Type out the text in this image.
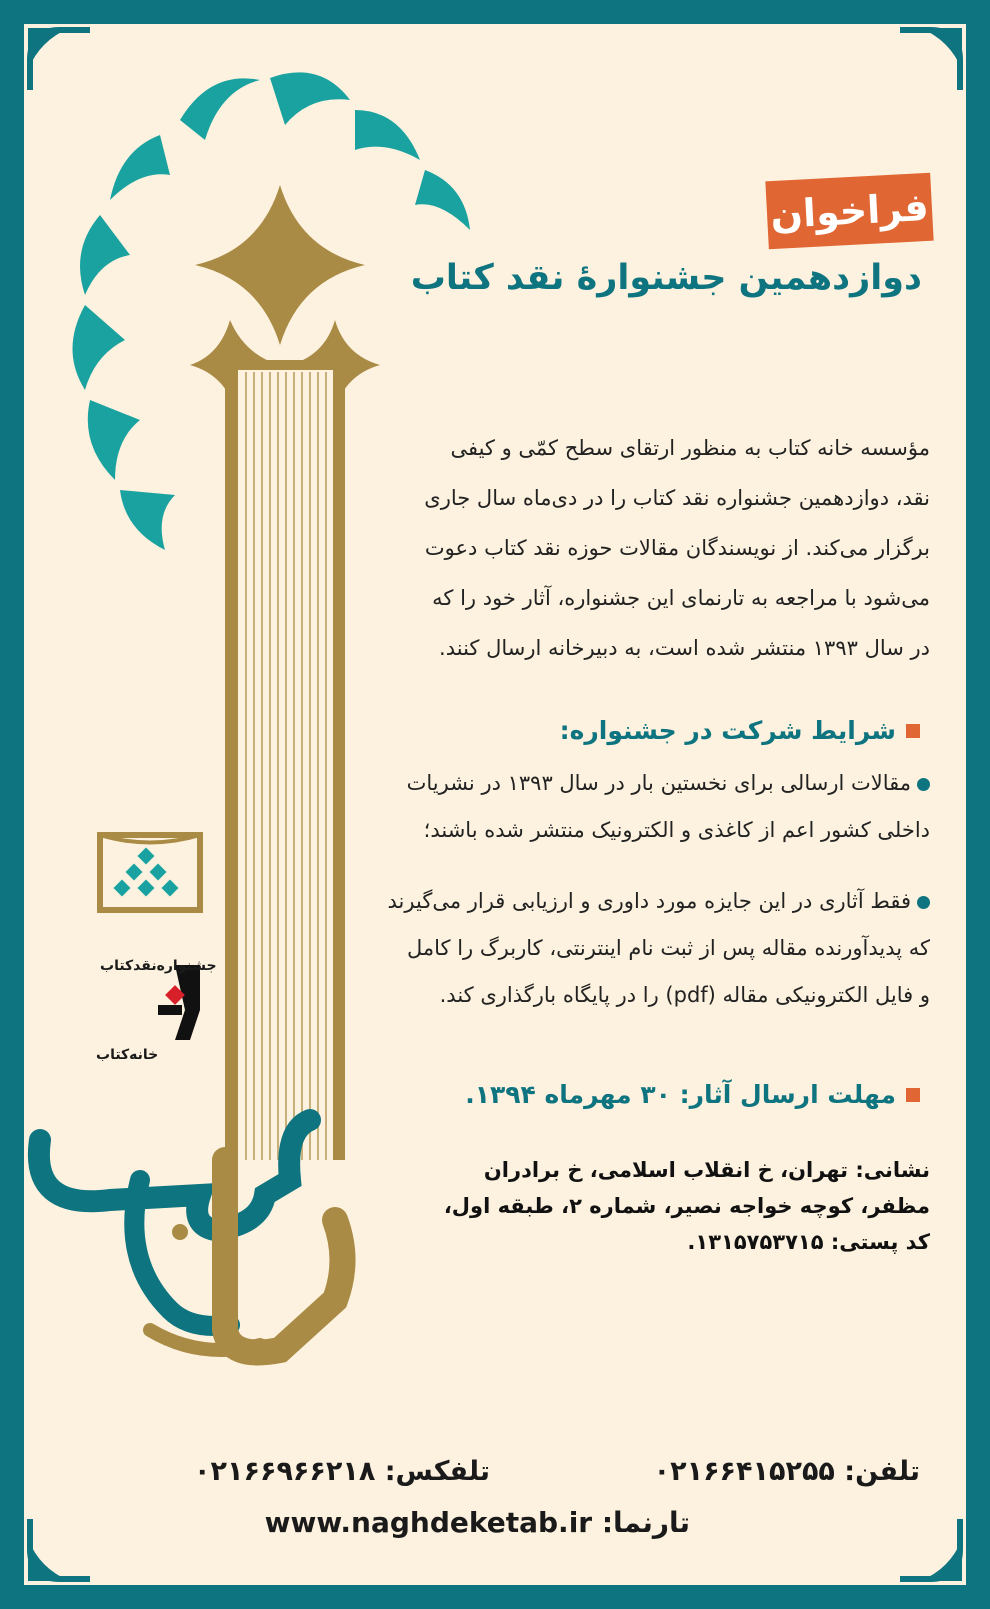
فراخوان
دوازدهمین جشنوارۀ نقد کتاب
مؤسسه خانه کتاب به منظور ارتقای سطح کمّی و کیفی
نقد، دوازدهمین جشنواره نقد کتاب را در دی‌ماه سال جاری
برگزار می‌کند. از نویسندگان مقالات حوزه نقد کتاب دعوت
می‌شود با مراجعه به تارنمای این جشنواره، آثار خود را که
در سال ۱۳۹۳ منتشر شده است، به دبیرخانه ارسال کنند.
شرایط شرکت در جشنواره:
مقالات ارسالی برای نخستین بار در سال ۱۳۹۳ در نشریات
داخلی کشور اعم از کاغذی و الکترونیک منتشر شده باشند؛
فقط آثاری در این جایزه مورد داوری و ارزیابی قرار می‌گیرند
که پدیدآورنده مقاله پس از ثبت نام اینترنتی، کاربرگ را کامل
و فایل الکترونیکی مقاله (pdf) را در پایگاه بارگذاری کند.
مهلت ارسال آثار: ۳۰ مهرماه ۱۳۹۴.
نشانی: تهران، خ انقلاب اسلامی، خ برادران
مظفر، کوچه خواجه نصیر، شماره ۲، طبقه اول،
کد پستی: ۱۳۱۵۷۵۳۷۱۵.
تلفن: ۰۲۱۶۶۴۱۵۲۵۵
تلفکس: ۰۲۱۶۶۹۶۶۲۱۸
تارنما: www.naghdeketab.ir
جشنواره‌نقدکتاب
خانه‌کتاب
